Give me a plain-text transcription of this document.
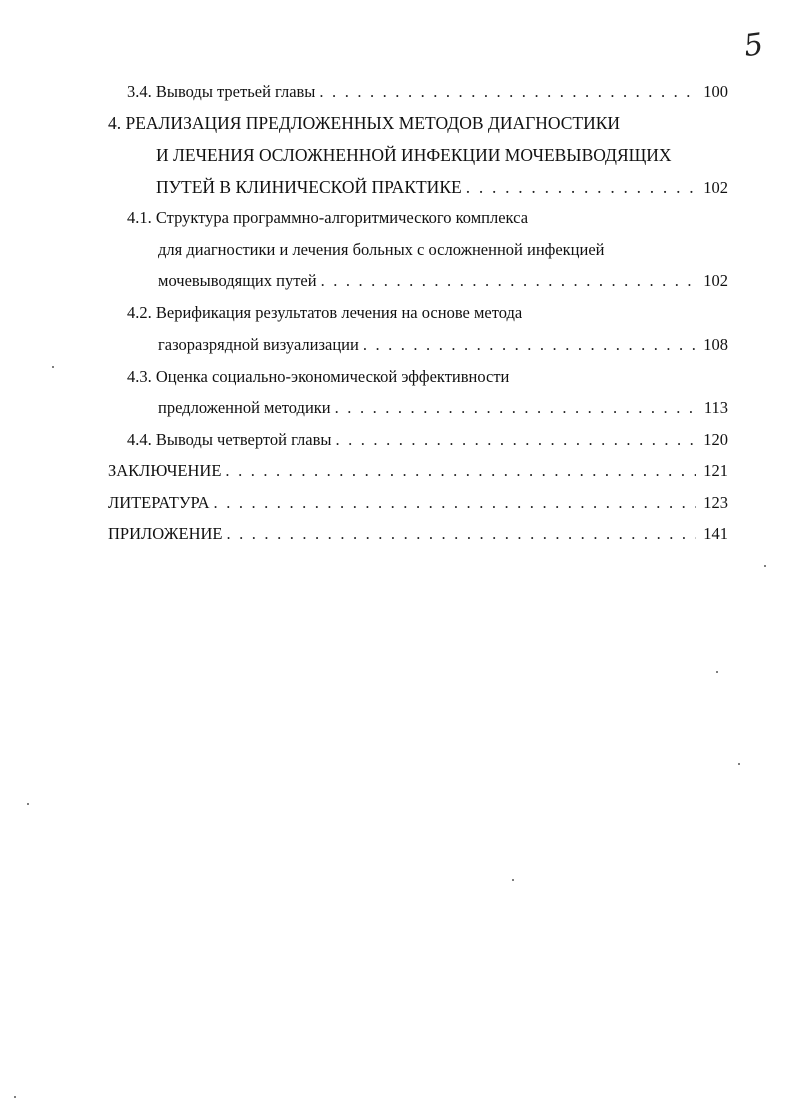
5
3.4. Выводы третьей главы . . .	100
4. РЕАЛИЗАЦИЯ ПРЕДЛОЖЕННЫХ МЕТОДОВ ДИАГНОСТИКИ
И ЛЕЧЕНИЯ ОСЛОЖНЕННОЙ ИНФЕКЦИИ МОЧЕВЫВОДЯЩИХ
ПУТЕЙ В КЛИНИЧЕСКОЙ ПРАКТИКЕ . . .	102
4.1. Структура программно-алгоритмического комплекса
для диагностики и лечения больных с осложненной инфекцией
мочевыводящих путей . . .	102
4.2. Верификация результатов лечения на основе метода
газоразрядной визуализации . . .	108
4.3. Оценка социально-экономической эффективности
предложенной методики . . .	113
4.4. Выводы четвертой главы . . .	120
ЗАКЛЮЧЕНИЕ . . .	121
ЛИТЕРАТУРА . . .	123
ПРИЛОЖЕНИЕ . . .	141
